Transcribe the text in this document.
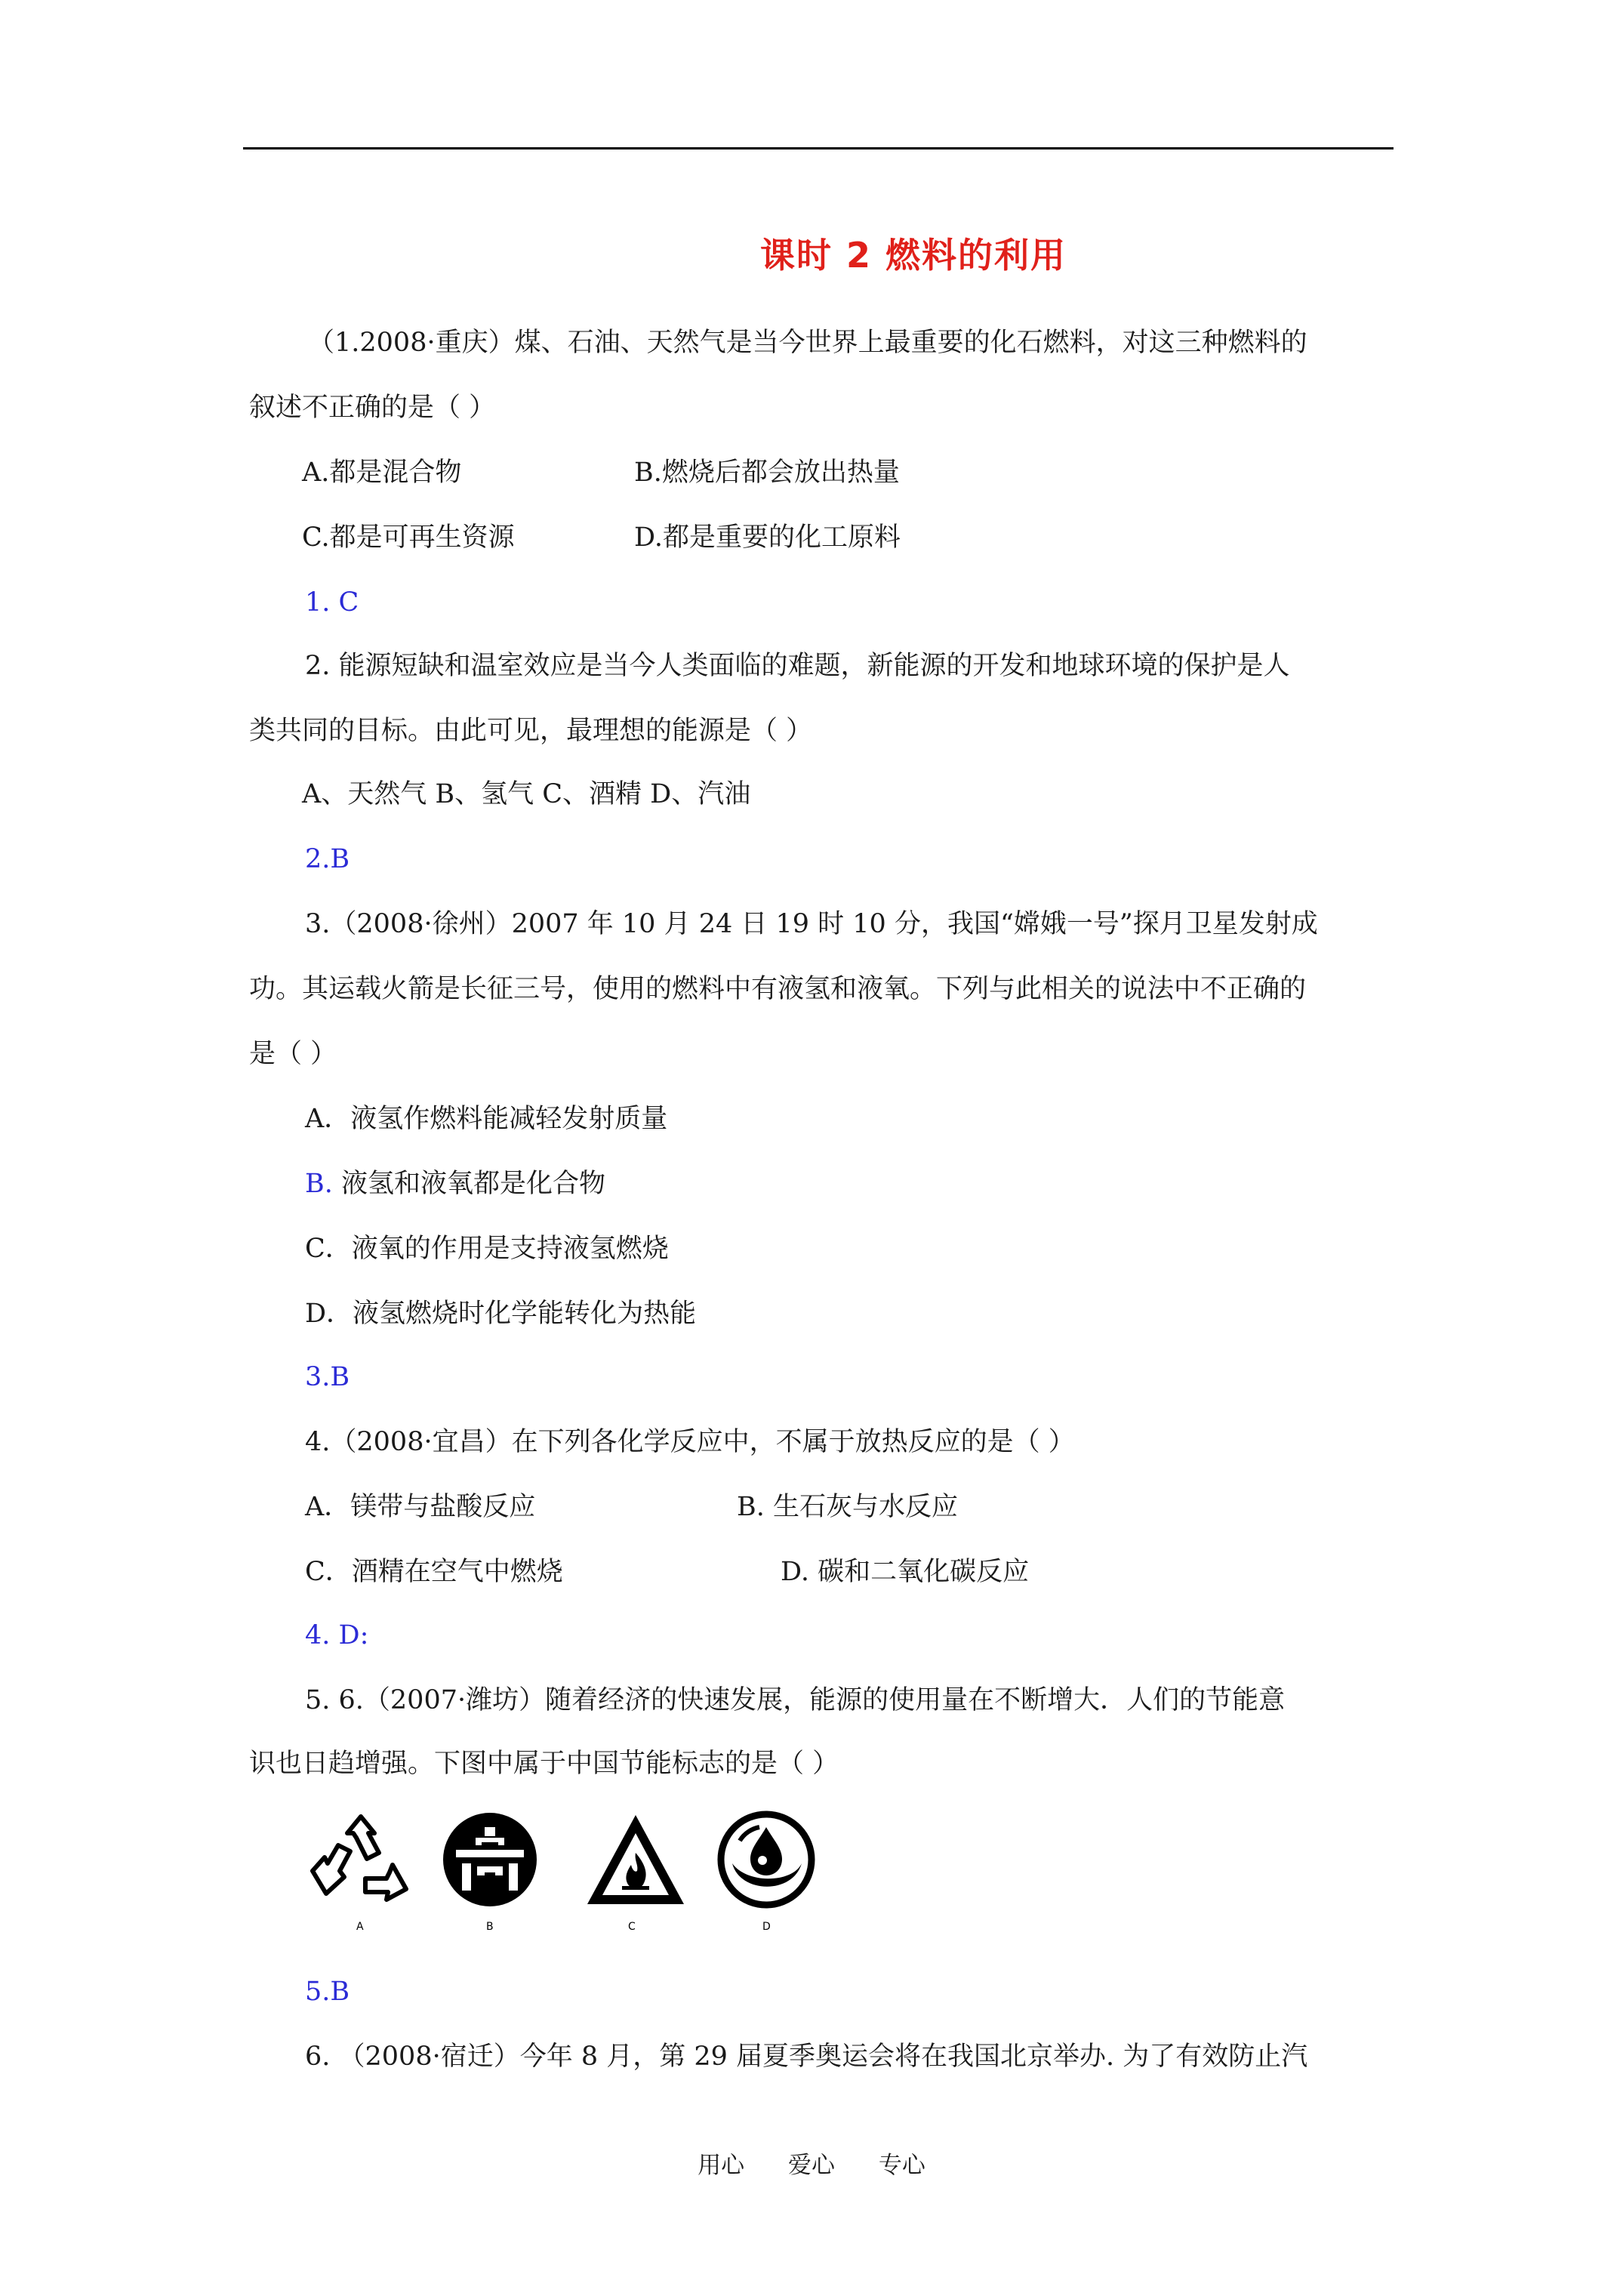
课时 2 燃料的利用
（1.2008·重庆）煤、石油、天然气是当今世界上最重要的化石燃料，对这三种燃料的
叙述不正确的是（ ）
A.都是混合物	B.燃烧后都会放出热量
C.都是可再生资源	D.都是重要的化工原料
1. C
2. 能源短缺和温室效应是当今人类面临的难题，新能源的开发和地球环境的保护是人
类共同的目标。由此可见，最理想的能源是（ ）
A、天然气 B、氢气 C、酒精 D、汽油
2.B
3.（2008·徐州）2007 年 10 月 24 日 19 时 10 分，我国“嫦娥一号”探月卫星发射成
功。其运载火箭是长征三号，使用的燃料中有液氢和液氧。下列与此相关的说法中不正确的
是（ ）
A．液氢作燃料能减轻发射质量
B. 液氢和液氧都是化合物
C．液氧的作用是支持液氢燃烧
D．液氢燃烧时化学能转化为热能
3.B
4.（2008·宜昌）在下列各化学反应中，不属于放热反应的是（ ）
A．镁带与盐酸反应	B. 生石灰与水反应
C．酒精在空气中燃烧	D. 碳和二氧化碳反应
4. D:
5. 6.（2007·潍坊）随着经济的快速发展，能源的使用量在不断增大．人们的节能意
识也日趋增强。下图中属于中国节能标志的是（ ）
A	B	C	D
5.B
6. （2008·宿迁）今年 8 月，第 29 届夏季奥运会将在我国北京举办. 为了有效防止汽
用心 爱心 专心
